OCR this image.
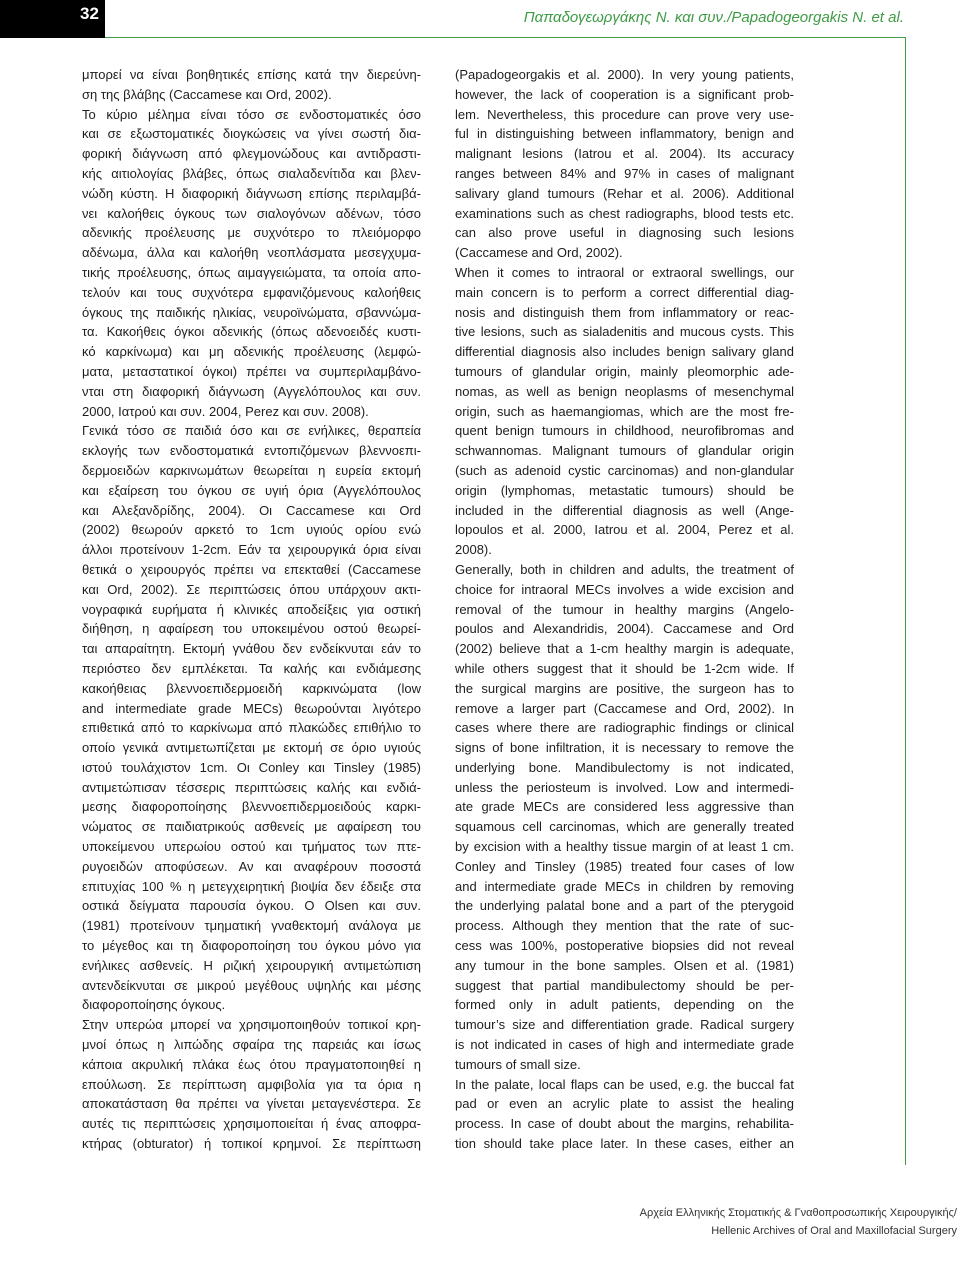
32	Παπαδογεωργάκης Ν. και συν./Papadogeorgakis N. et al.
μπορεί να είναι βοηθητικές επίσης κατά την διερεύνη-
ση της βλάβης (Caccamese και Ord, 2002).
Το κύριο μέλημα είναι τόσο σε ενδοστοματικές όσο
και σε εξωστοματικές διογκώσεις να γίνει σωστή δια-
φορική διάγνωση από φλεγμονώδους και αντιδραστι-
κής αιτιολογίας βλάβες, όπως σιαλαδενίτιδα και βλεν-
νώδη κύστη. Η διαφορική διάγνωση επίσης περιλαμβά-
νει καλοήθεις όγκους των σιαλογόνων αδένων, τόσο
αδενικής προέλευσης με συχνότερο το πλειόμορφο
αδένωμα, άλλα και καλοήθη νεοπλάσματα μεσεγχυμα-
τικής προέλευσης, όπως αιμαγγειώματα, τα οποία απο-
τελούν και τους συχνότερα εμφανιζόμενους καλοήθεις
όγκους της παιδικής ηλικίας, νευροϊνώματα, σβαννώμα-
τα. Κακοήθεις όγκοι αδενικής (όπως αδενοειδές κυστι-
κό καρκίνωμα) και μη αδενικής προέλευσης (λεμφώ-
ματα, μεταστατικοί όγκοι) πρέπει να συμπεριλαμβάνο-
νται στη διαφορική διάγνωση (Αγγελόπουλος και συν.
2000, Ιατρού και συν. 2004, Perez και συν. 2008).
Γενικά τόσο σε παιδιά όσο και σε ενήλικες, θεραπεία
εκλογής των ενδοστοματικά εντοπιζόμενων βλεννοεπι-
δερμοειδών καρκινωμάτων θεωρείται η ευρεία εκτομή
και εξαίρεση του όγκου σε υγιή όρια (Αγγελόπουλος
και Αλεξανδρίδης, 2004). Οι Caccamese και Ord
(2002) θεωρούν αρκετό το 1cm υγιούς ορίου ενώ
άλλοι προτείνουν 1-2cm. Εάν τα χειρουργικά όρια είναι
θετικά ο χειρουργός πρέπει να επεκταθεί (Caccamese
και Ord, 2002). Σε περιπτώσεις όπου υπάρχουν ακτι-
νογραφικά ευρήματα ή κλινικές αποδείξεις για οστική
διήθηση, η αφαίρεση του υποκειμένου οστού θεωρεί-
ται απαραίτητη. Εκτομή γνάθου δεν ενδείκνυται εάν το
περιόστεο δεν εμπλέκεται. Τα καλής και ενδιάμεσης
κακοήθειας βλεννοεπιδερμοειδή καρκινώματα (low
and intermediate grade MECs) θεωρούνται λιγότερο
επιθετικά από το καρκίνωμα από πλακώδες επιθήλιο το
οποίο γενικά αντιμετωπίζεται με εκτομή σε όριο υγιούς
ιστού τουλάχιστον 1cm. Οι Conley και Tinsley (1985)
αντιμετώπισαν τέσσερις περιπτώσεις καλής και ενδιά-
μεσης διαφοροποίησης βλεννοεπιδερμοειδούς καρκι-
νώματος σε παιδιατρικούς ασθενείς με αφαίρεση του
υποκείμενου υπερωίου οστού και τμήματος των πτε-
ρυγοειδών αποφύσεων. Αν και αναφέρουν ποσοστά
επιτυχίας 100 % η μετεγχειρητική βιοψία δεν έδειξε στα
οστικά δείγματα παρουσία όγκου. Ο Olsen και συν.
(1981) προτείνουν τμηματική γναθεκτομή ανάλογα με
το μέγεθος και τη διαφοροποίηση του όγκου μόνο για
ενήλικες ασθενείς. Η ριζική χειρουργική αντιμετώπιση
αντενδείκνυται σε μικρού μεγέθους υψηλής και μέσης
διαφοροποίησης όγκους.
Στην υπερώα μπορεί να χρησιμοποιηθούν τοπικοί κρη-
μνοί όπως η λιπώδης σφαίρα της παρειάς και ίσως
κάποια ακρυλική πλάκα έως ότου πραγματοποιηθεί η
επούλωση. Σε περίπτωση αμφιβολία για τα όρια η
αποκατάσταση θα πρέπει να γίνεται μεταγενέστερα. Σε
αυτές τις περιπτώσεις χρησιμοποιείται ή ένας αποφρα-
κτήρας (obturator) ή τοπικοί κρημνοί. Σε περίπτωση
(Papadogeorgakis et al. 2000). In very young patients,
however, the lack of cooperation is a significant prob-
lem. Nevertheless, this procedure can prove very use-
ful in distinguishing between inflammatory, benign and
malignant lesions (Iatrou et al. 2004). Its accuracy
ranges between 84% and 97% in cases of malignant
salivary gland tumours (Rehar et al. 2006). Additional
examinations such as chest radiographs, blood tests etc.
can also prove useful in diagnosing such lesions
(Caccamese and Ord, 2002).
When it comes to intraoral or extraoral swellings, our
main concern is to perform a correct differential diag-
nosis and distinguish them from inflammatory or reac-
tive lesions, such as sialadenitis and mucous cysts. This
differential diagnosis also includes benign salivary gland
tumours of glandular origin, mainly pleomorphic ade-
nomas, as well as benign neoplasms of mesenchymal
origin, such as haemangiomas, which are the most fre-
quent benign tumours in childhood, neurofibromas and
schwannomas. Malignant tumours of glandular origin
(such as adenoid cystic carcinomas) and non-glandular
origin (lymphomas, metastatic tumours) should be
included in the differential diagnosis as well (Ange-
lopoulos et al. 2000, Iatrou et al. 2004, Perez et al.
2008).
Generally, both in children and adults, the treatment of
choice for intraoral MECs involves a wide excision and
removal of the tumour in healthy margins (Angelo-
poulos and Alexandridis, 2004). Caccamese and Ord
(2002) believe that a 1-cm healthy margin is adequate,
while others suggest that it should be 1-2cm wide. If
the surgical margins are positive, the surgeon has to
remove a larger part (Caccamese and Ord, 2002). In
cases where there are radiographic findings or clinical
signs of bone infiltration, it is necessary to remove the
underlying bone. Mandibulectomy is not indicated,
unless the periosteum is involved. Low and intermedi-
ate grade MECs are considered less aggressive than
squamous cell carcinomas, which are generally treated
by excision with a healthy tissue margin of at least 1 cm.
Conley and Tinsley (1985) treated four cases of low
and intermediate grade MECs in children by removing
the underlying palatal bone and a part of the pterygoid
process. Although they mention that the rate of suc-
cess was 100%, postoperative biopsies did not reveal
any tumour in the bone samples. Olsen et al. (1981)
suggest that partial mandibulectomy should be per-
formed only in adult patients, depending on the
tumour’s size and differentiation grade. Radical surgery
is not indicated in cases of high and intermediate grade
tumours of small size.
In the palate, local flaps can be used, e.g. the buccal fat
pad or even an acrylic plate to assist the healing
process. In case of doubt about the margins, rehabilita-
tion should take place later. In these cases, either an
Αρχεία Ελληνικής Στοματικής & Γναθοπροσωπικής Χειρουργικής/
Hellenic Archives of Oral and Maxillofacial Surgery
